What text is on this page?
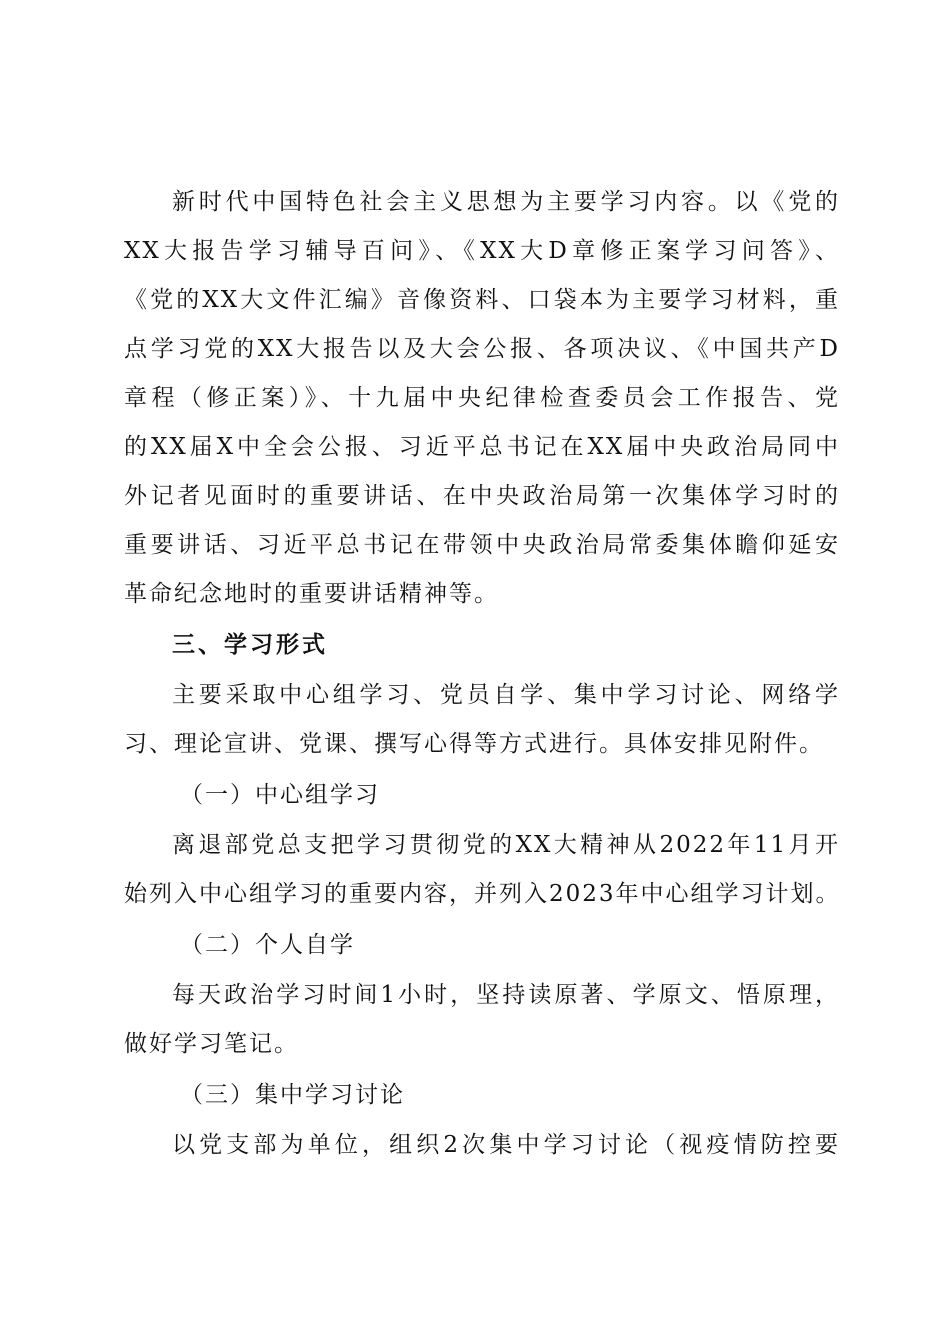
新时代中国特色社会主义思想为主要学习内容。以《党的
XX大报告学习辅导百问》、《XX大D章修正案学习问答》、
《党的XX大文件汇编》音像资料、口袋本为主要学习材料，重
点学习党的XX大报告以及大会公报、各项决议、《中国共产D
章程（修正案）》、十九届中央纪律检查委员会工作报告、党
的XX届X中全会公报、习近平总书记在XX届中央政治局同中
外记者见面时的重要讲话、在中央政治局第一次集体学习时的
重要讲话、习近平总书记在带领中央政治局常委集体瞻仰延安
革命纪念地时的重要讲话精神等。
三、学习形式
主要采取中心组学习、党员自学、集中学习讨论、网络学
习、理论宣讲、党课、撰写心得等方式进行。具体安排见附件。
（一）中心组学习
离退部党总支把学习贯彻党的XX大精神从2022年11月开
始列入中心组学习的重要内容，并列入2023年中心组学习计划。
（二）个人自学
每天政治学习时间1小时，坚持读原著、学原文、悟原理，
做好学习笔记。
（三）集中学习讨论
以党支部为单位，组织2次集中学习讨论（视疫情防控要
